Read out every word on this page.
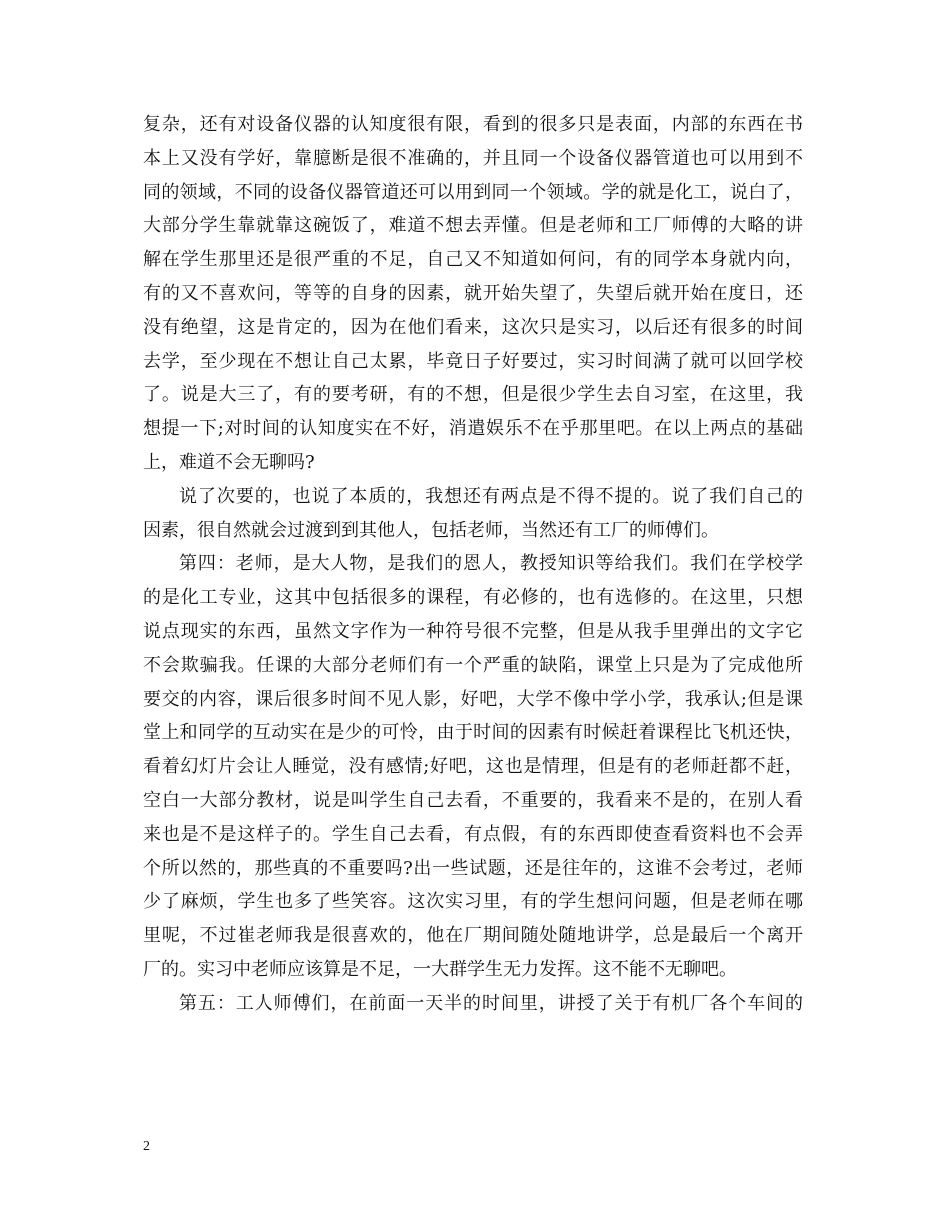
复杂，还有对设备仪器的认知度很有限，看到的很多只是表面，内部的东西在书
本上又没有学好，靠臆断是很不准确的，并且同一个设备仪器管道也可以用到不
同的领域，不同的设备仪器管道还可以用到同一个领域。学的就是化工，说白了，
大部分学生靠就靠这碗饭了，难道不想去弄懂。但是老师和工厂师傅的大略的讲
解在学生那里还是很严重的不足，自己又不知道如何问，有的同学本身就内向，
有的又不喜欢问，等等的自身的因素，就开始失望了，失望后就开始在度日，还
没有绝望，这是肯定的，因为在他们看来，这次只是实习，以后还有很多的时间
去学，至少现在不想让自己太累，毕竟日子好要过，实习时间满了就可以回学校
了。说是大三了，有的要考研，有的不想，但是很少学生去自习室，在这里，我
想提一下;对时间的认知度实在不好，消遣娱乐不在乎那里吧。在以上两点的基础
上，难道不会无聊吗?
说了次要的，也说了本质的，我想还有两点是不得不提的。说了我们自己的
因素，很自然就会过渡到到其他人，包括老师，当然还有工厂的师傅们。
第四：老师，是大人物，是我们的恩人，教授知识等给我们。我们在学校学
的是化工专业，这其中包括很多的课程，有必修的，也有选修的。在这里，只想
说点现实的东西，虽然文字作为一种符号很不完整，但是从我手里弹出的文字它
不会欺骗我。任课的大部分老师们有一个严重的缺陷，课堂上只是为了完成他所
要交的内容，课后很多时间不见人影，好吧，大学不像中学小学，我承认;但是课
堂上和同学的互动实在是少的可怜，由于时间的因素有时候赶着课程比飞机还快，
看着幻灯片会让人睡觉，没有感情;好吧，这也是情理，但是有的老师赶都不赶，
空白一大部分教材，说是叫学生自己去看，不重要的，我看来不是的，在别人看
来也是不是这样子的。学生自己去看，有点假，有的东西即使查看资料也不会弄
个所以然的，那些真的不重要吗?出一些试题，还是往年的，这谁不会考过，老师
少了麻烦，学生也多了些笑容。这次实习里，有的学生想问问题，但是老师在哪
里呢，不过崔老师我是很喜欢的，他在厂期间随处随地讲学，总是最后一个离开
厂的。实习中老师应该算是不足，一大群学生无力发挥。这不能不无聊吧。
第五：工人师傅们，在前面一天半的时间里，讲授了关于有机厂各个车间的
2
